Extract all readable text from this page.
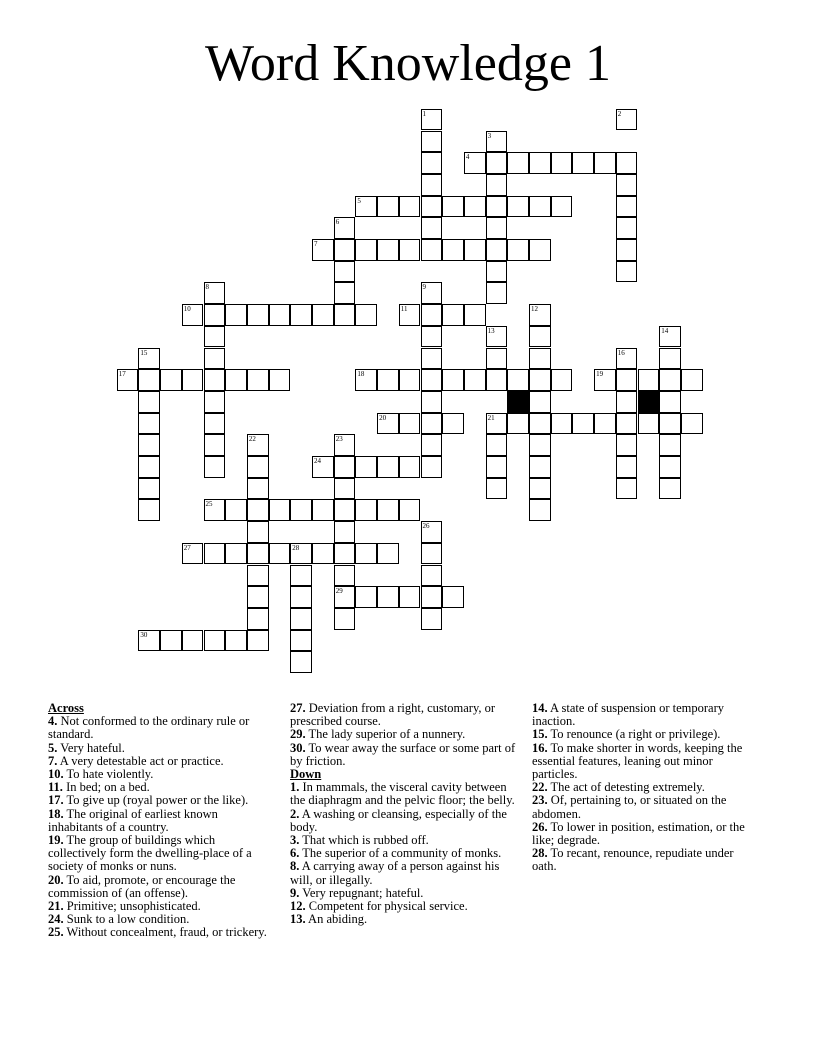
Word Knowledge 1
1	2
3
4
5
6
7
8	9
10	11	12
13	14
15	16
17	18	19
20	21
22	23
24
25
26
27	28
29
30
Across
4. Not conformed to the ordinary rule or standard.
5. Very hateful.
7. A very detestable act or practice.
10. To hate violently.
11. In bed; on a bed.
17. To give up (royal power or the like).
18. The original of earliest known inhabitants of a country.
19. The group of buildings which collectively form the dwelling-place of a society of monks or nuns.
20. To aid, promote, or encourage the commission of (an offense).
21. Primitive; unsophisticated.
24. Sunk to a low condition.
25. Without concealment, fraud, or trickery.
27. Deviation from a right, customary, or prescribed course.
29. The lady superior of a nunnery.
30. To wear away the surface or some part of by friction.
Down
1. In mammals, the visceral cavity between the diaphragm and the pelvic floor; the belly.
2. A washing or cleansing, especially of the body.
3. That which is rubbed off.
6. The superior of a community of monks.
8. A carrying away of a person against his will, or illegally.
9. Very repugnant; hateful.
12. Competent for physical service.
13. An abiding.
14. A state of suspension or temporary inaction.
15. To renounce (a right or privilege).
16. To make shorter in words, keeping the essential features, leaning out minor particles.
22. The act of detesting extremely.
23. Of, pertaining to, or situated on the abdomen.
26. To lower in position, estimation, or the like; degrade.
28. To recant, renounce, repudiate under oath.
